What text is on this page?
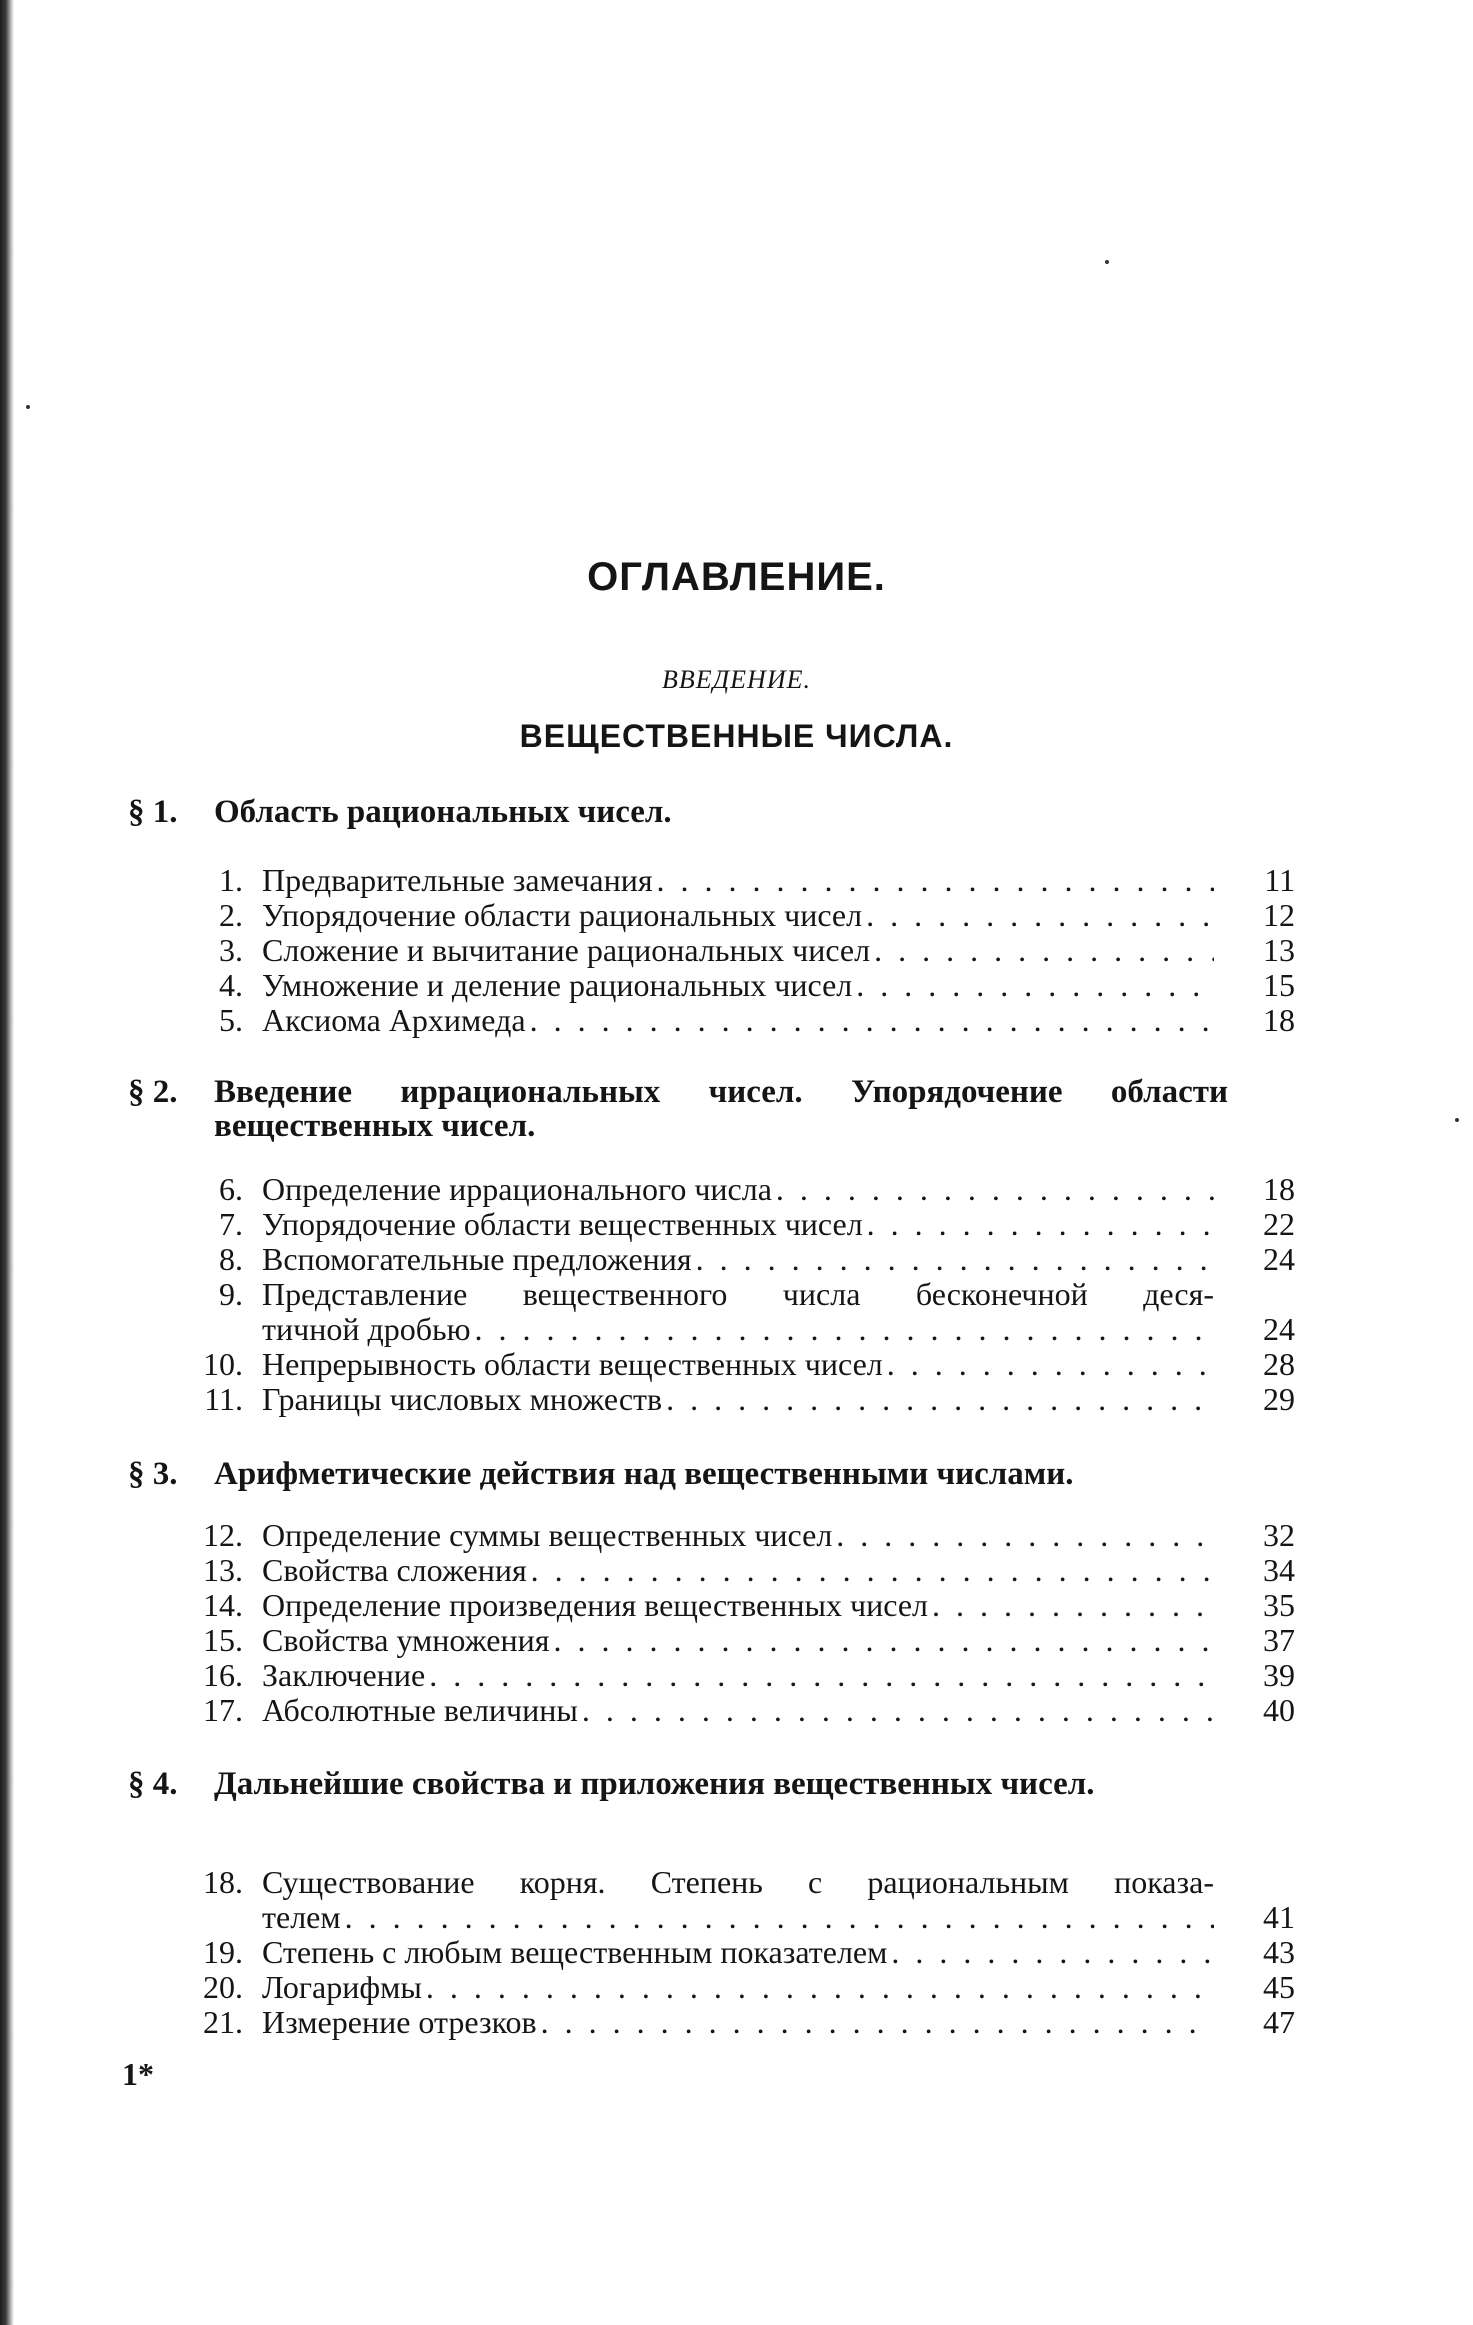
ОГЛАВЛЕНИЕ.
ВВЕДЕНИЕ.
ВЕЩЕСТВЕННЫЕ ЧИСЛА.
§ 1.	Область рациональных чисел.
1. Предварительные замечания . . .	11
2. Упорядочение области рациональных чисел . . .	12
3. Сложение и вычитание рациональных чисел . . .	13
4. Умножение и деление рациональных чисел . . .	15
5. Аксиома Архимеда . . .	18
§ 2.	Введение иррациональных чисел. Упорядочение области вещественных чисел.
6. Определение иррационального числа . . .	18
7. Упорядочение области вещественных чисел . . .	22
8. Вспомогательные предложения . . .	24
9. Представление вещественного числа бесконечной деся-
тичной дробью . . .	24
10. Непрерывность области вещественных чисел . . .	28
11. Границы числовых множеств . . .	29
§ 3.	Арифметические действия над вещественными числами.
12. Определение суммы вещественных чисел . . .	32
13. Свойства сложения . . .	34
14. Определение произведения вещественных чисел . . .	35
15. Свойства умножения . . .	37
16. Заключение . . .	39
17. Абсолютные величины . . .	40
§ 4.	Дальнейшие свойства и приложения вещественных чисел.
18. Существование корня. Степень с рациональным показа-
телем . . .	41
19. Степень с любым вещественным показателем . . .	43
20. Логарифмы . . .	45
21. Измерение отрезков . . .	47
1*
